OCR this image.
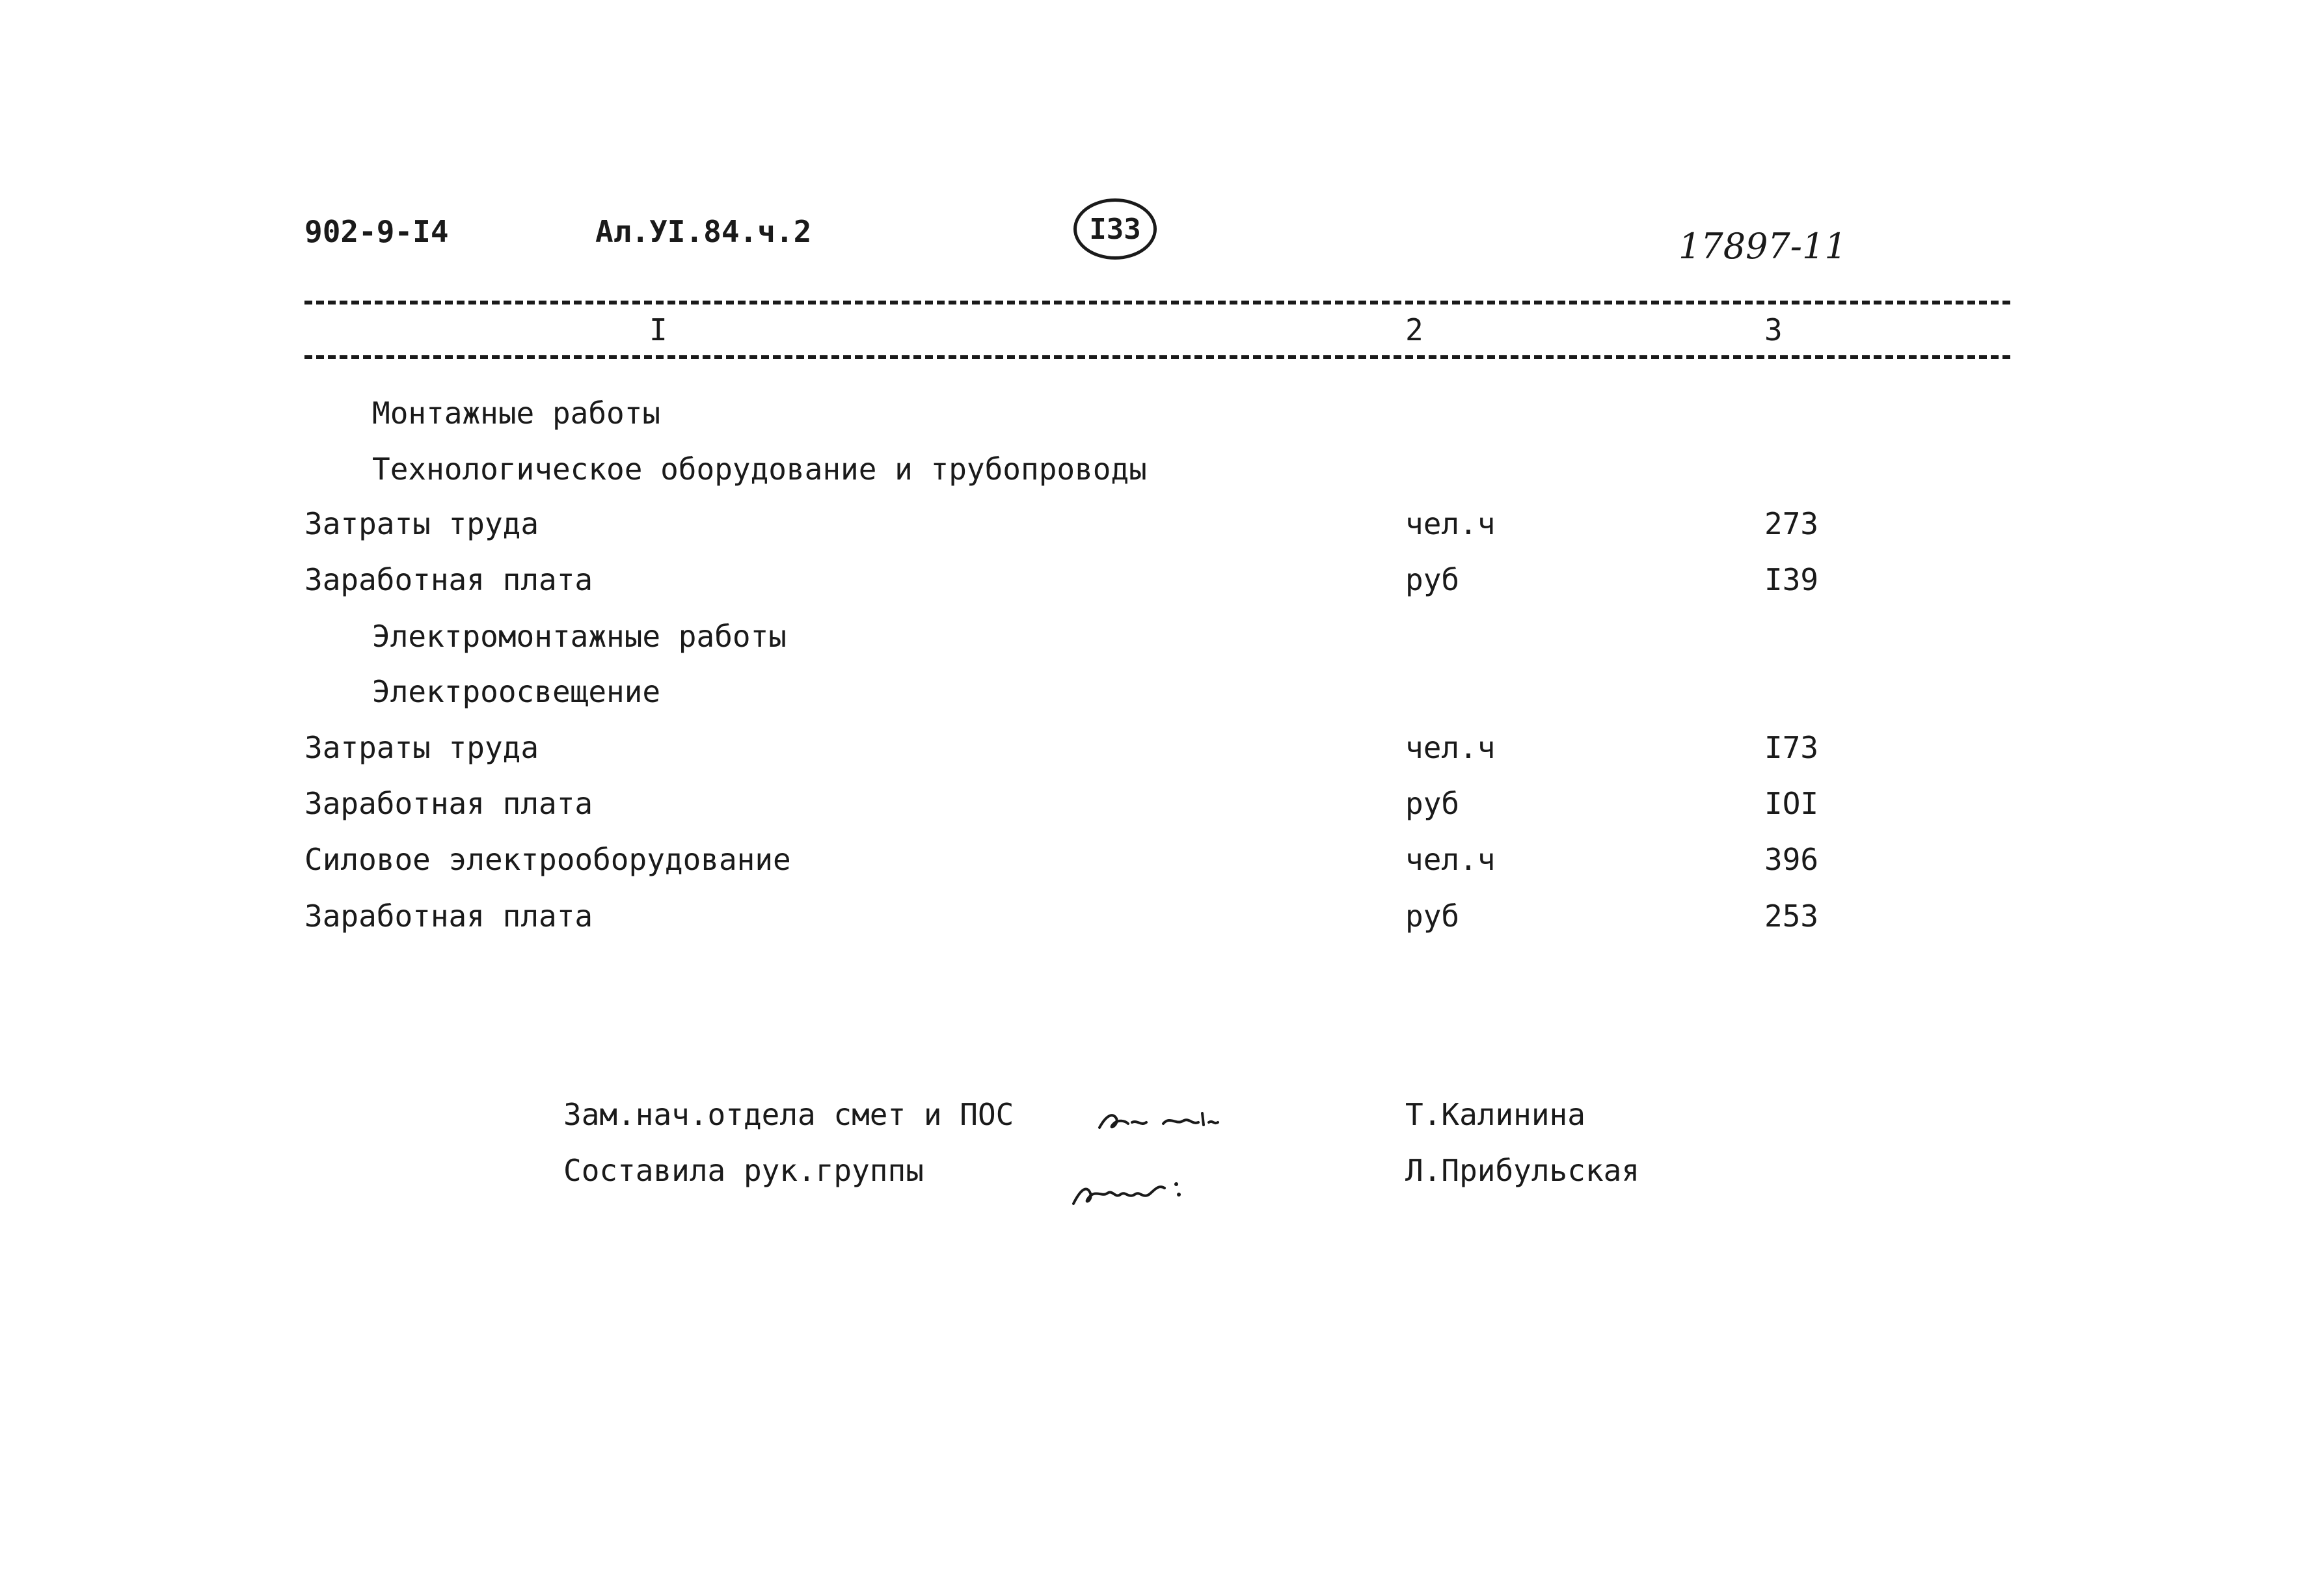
902-9-I4	Ал.УI.84.ч.2	I33	17897-11
I	2	3
Монтажные работы
Технологическое оборудование и трубопроводы
Затраты труда	чел.ч	273
Заработная плата	руб	I39
Электромонтажные работы
Электроосвещение
Затраты труда	чел.ч	I73
Заработная плата	руб	IOI
Силовое электрооборудование	чел.ч	396
Заработная плата	руб	253
Зам.нач.отдела смет и ПОС	Т.Калинина
Составила рук.группы	Л.Прибульская
